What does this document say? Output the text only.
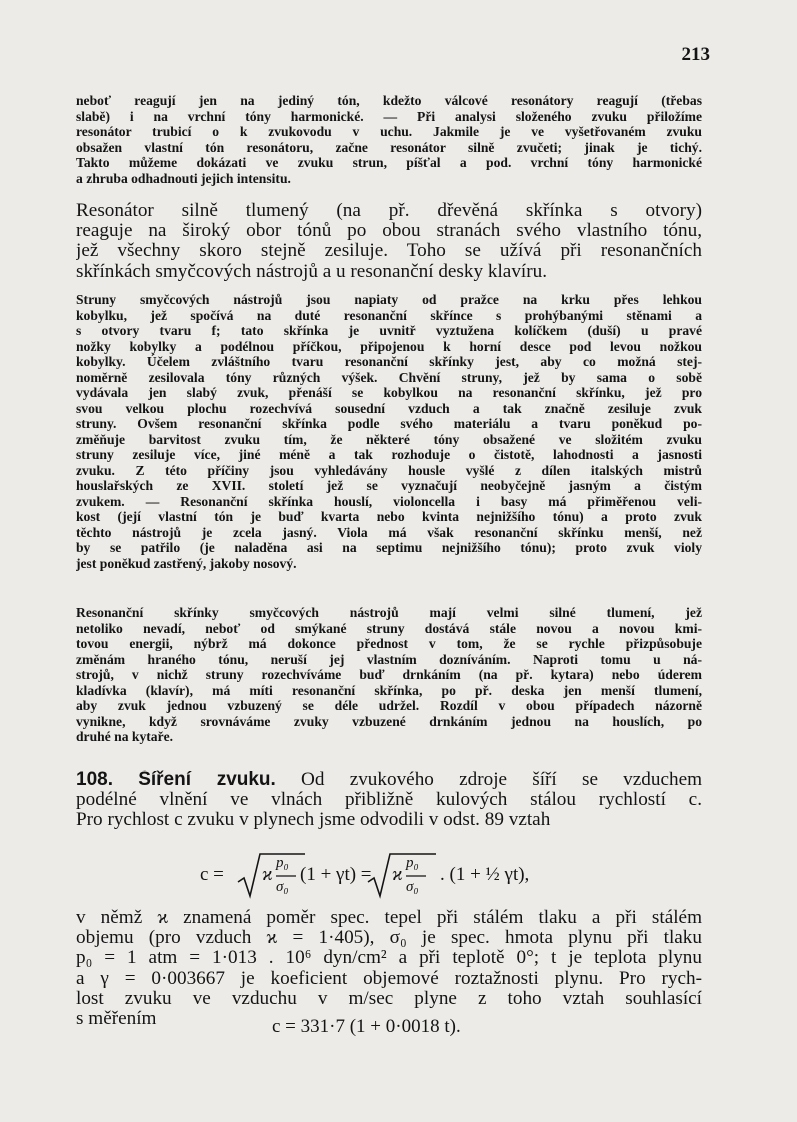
213
neboť reagují jen na jediný tón, kdežto válcové resonátory reagují (třebas
slabě) i na vrchní tóny harmonické. — Při analysi složeného zvuku přiložíme
resonátor trubicí o k zvukovodu v uchu. Jakmile je ve vyšetřovaném zvuku
obsažen vlastní tón resonátoru, začne resonátor silně zvučeti; jinak je tichý.
Takto můžeme dokázati ve zvuku strun, píšťal a pod. vrchní tóny harmonické
a zhruba odhadnouti jejich intensitu.
Resonátor silně tlumený (na př. dřevěná skřínka s otvory)
reaguje na široký obor tónů po obou stranách svého vlastního tónu,
jež všechny skoro stejně zesiluje. Toho se užívá při resonančních
skřínkách smyčcových nástrojů a u resonanční desky klavíru.
Struny smyčcových nástrojů jsou napiaty od pražce na krku přes lehkou
kobylku, jež spočívá na duté resonanční skřínce s prohýbanými stěnami a
s otvory tvaru f; tato skřínka je uvnitř vyztužena kolíčkem (duší) u pravé
nožky kobylky a podélnou příčkou, připojenou k horní desce pod levou nožkou
kobylky. Účelem zvláštního tvaru resonanční skřínky jest, aby co možná stej-
noměrně zesilovala tóny různých výšek. Chvění struny, jež by sama o sobě
vydávala jen slabý zvuk, přenáší se kobylkou na resonanční skřínku, jež pro
svou velkou plochu rozechvívá sousední vzduch a tak značně zesiluje zvuk
struny. Ovšem resonanční skřínka podle svého materiálu a tvaru poněkud po-
změňuje barvitost zvuku tím, že některé tóny obsažené ve složitém zvuku
struny zesiluje více, jiné méně a tak rozhoduje o čistotě, lahodnosti a jasnosti
zvuku. Z této příčiny jsou vyhledávány housle vyšlé z dílen italských mistrů
houslařských ze XVII. století jež se vyznačují neobyčejně jasným a čistým
zvukem. — Resonanční skřínka houslí, violoncella i basy má přiměřenou veli-
kost (její vlastní tón je buď kvarta nebo kvinta nejnižšího tónu) a proto zvuk
těchto nástrojů je zcela jasný. Viola má však resonanční skřínku menší, než
by se patřilo (je naladěna asi na septimu nejnižšího tónu); proto zvuk violy
jest poněkud zastřený, jakoby nosový.
Resonanční skřínky smyčcových nástrojů mají velmi silné tlumení, jež
netoliko nevadí, neboť od smýkané struny dostává stále novou a novou kmi-
tovou energii, nýbrž má dokonce přednost v tom, že se rychle přizpůsobuje
změnám hraného tónu, neruší jej vlastním dozníváním. Naproti tomu u ná-
strojů, v nichž struny rozechvíváme buď drnkáním (na př. kytara) nebo úderem
kladívka (klavír), má míti resonanční skřínka, po př. deska jen menší tlumení,
aby zvuk jednou vzbuzený se déle udržel. Rozdíl v obou případech názorně
vynikne, když srovnáváme zvuky vzbuzené drnkáním jednou na houslích, po
druhé na kytaře.
108. Šíření zvuku. Od zvukového zdroje šíří se vzduchem
podélné vlnění ve vlnách přibližně kulových stálou rychlostí c.
Pro rychlost c zvuku v plynech jsme odvodili v odst. 89 vztah
c = ϰ
p₀
σ₀
(1 + γt) = ϰ
p₀
σ₀
. (1 + ½ γt),
v němž ϰ znamená poměr spec. tepel při stálém tlaku a při stálém
objemu (pro vzduch ϰ = 1·405), σ₀ je spec. hmota plynu při tlaku
p₀ = 1 atm = 1·013 . 10⁶ dyn/cm² a při teplotě 0°; t je teplota plynu
a γ = 0·003667 je koeficient objemové roztažnosti plynu. Pro rych-
lost zvuku ve vzduchu v m/sec plyne z toho vztah souhlasící
s měřením	c = 331·7 (1 + 0·0018 t).
